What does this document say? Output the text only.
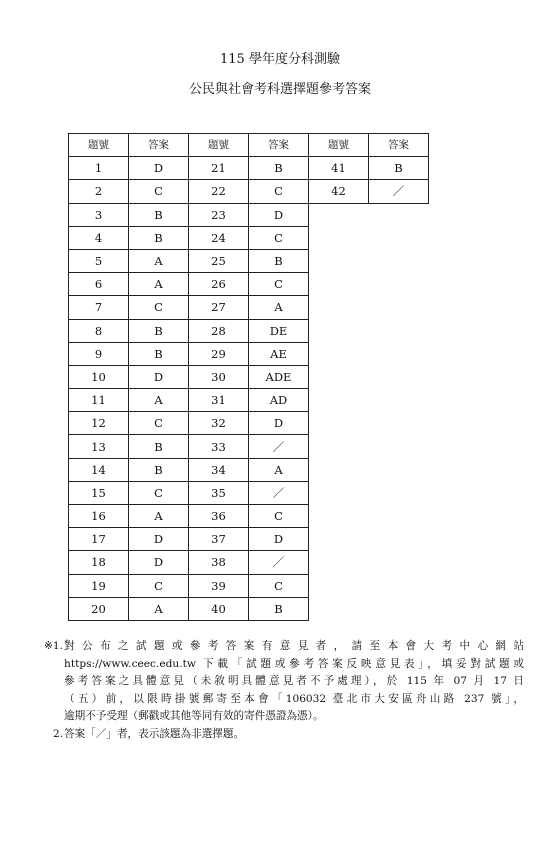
115 學年度分科測驗
公民與社會考科選擇題參考答案
題號	答案	題號	答案	題號	答案
1	D	21	B	41	B
2	C	22	C	42	／
3	B	23	D		
4	B	24	C		
5	A	25	B		
6	A	26	C		
7	C	27	A		
8	B	28	DE		
9	B	29	AE		
10	D	30	ADE		
11	A	31	AD		
12	C	32	D		
13	B	33	／		
14	B	34	A		
15	C	35	／		
16	A	36	C		
17	D	37	D		
18	D	38	／		
19	C	39	C		
20	A	40	B		
※1. 對公布之試題或參考答案有意見者，請至本會大考中心網站
https://www.ceec.edu.tw 下載「試題或參考答案反映意見表」，填妥對試題或
參考答案之具體意見（未敘明具體意見者不予處理），於 115 年 07 月 17 日
（五）前，以限時掛號郵寄至本會「106032 臺北市大安區舟山路 237 號」，
逾期不予受理（郵戳或其他等同有效的寄件憑證為憑）。
2. 答案「／」者，表示該題為非選擇題。
